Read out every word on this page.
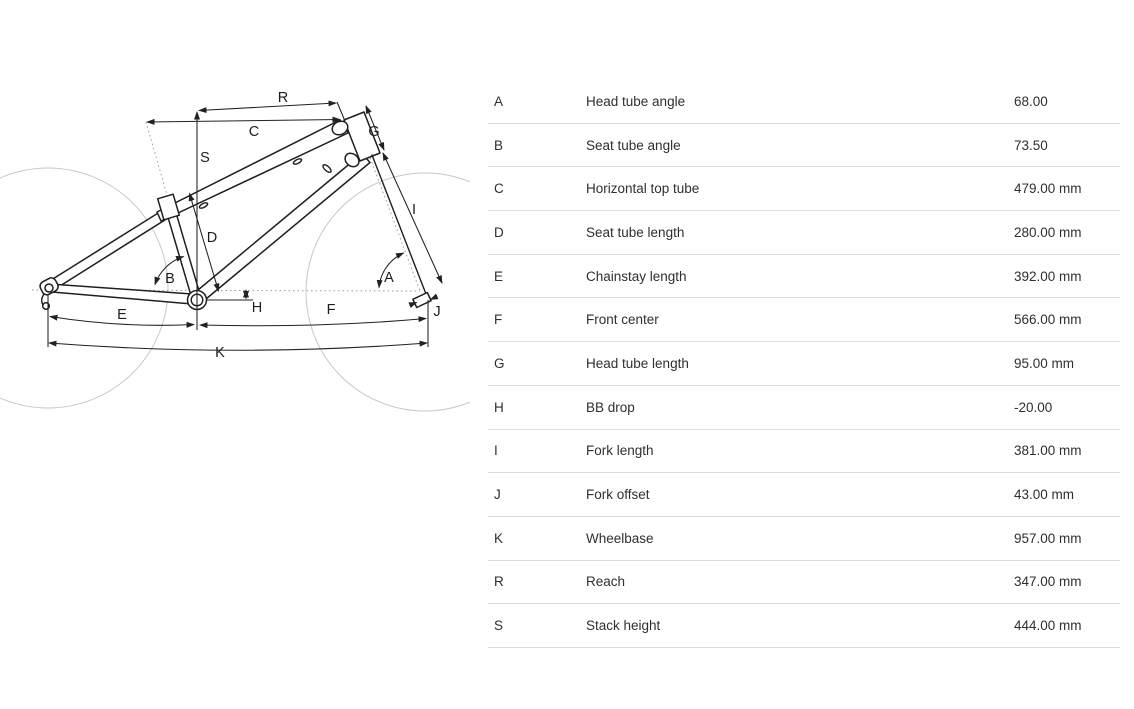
R
C
S
G
I
D
B	A
H
E	F	J
K
A	Head tube angle	68.00
B	Seat tube angle	73.50
C	Horizontal top tube	479.00 mm
D	Seat tube length	280.00 mm
E	Chainstay length	392.00 mm
F	Front center	566.00 mm
G	Head tube length	95.00 mm
H	BB drop	-20.00
I	Fork length	381.00 mm
J	Fork offset	43.00 mm
K	Wheelbase	957.00 mm
R	Reach	347.00 mm
S	Stack height	444.00 mm
